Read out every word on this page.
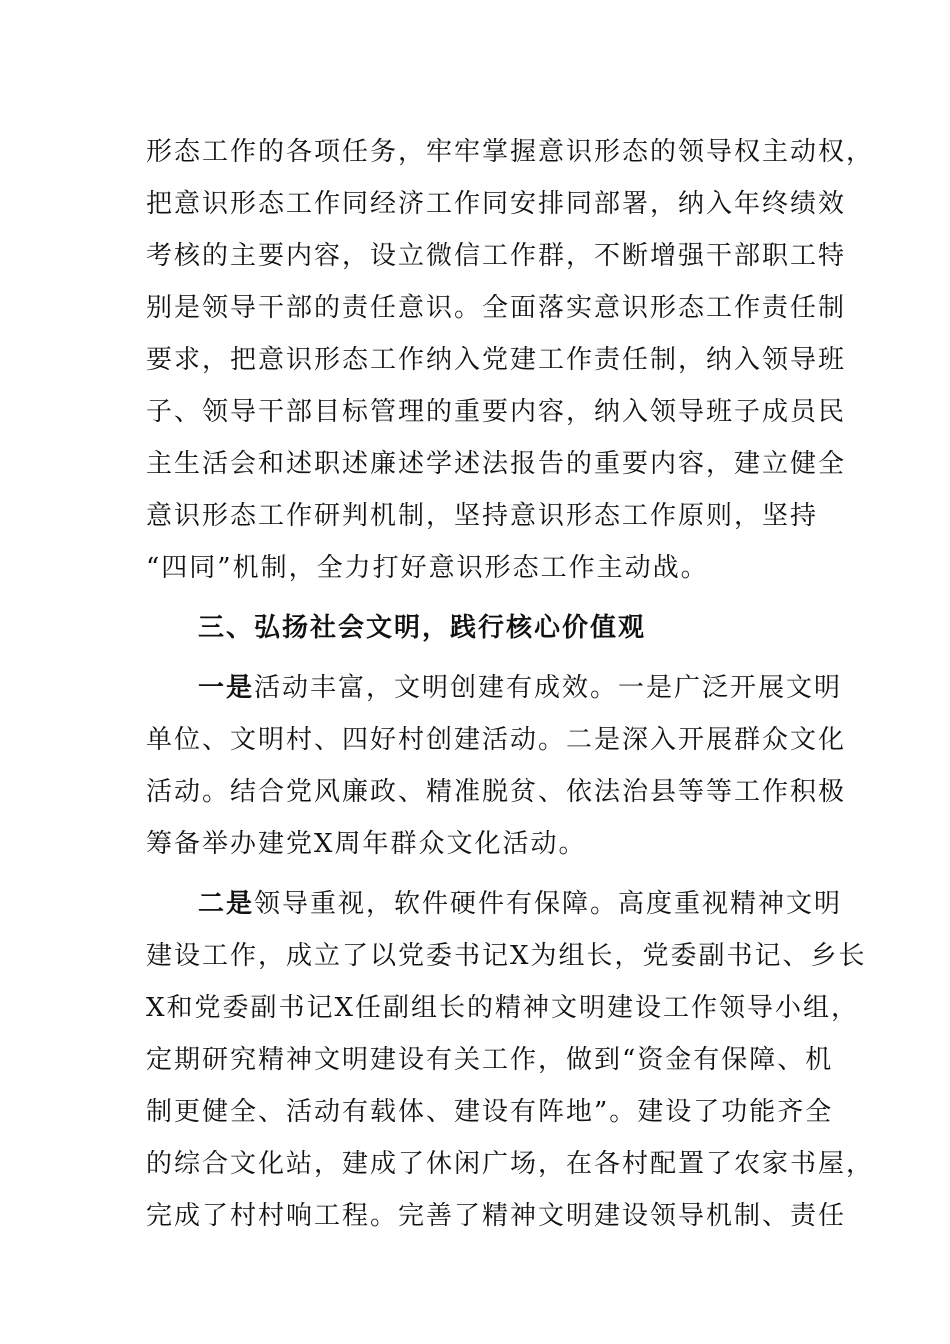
形态工作的各项任务，牢牢掌握意识形态的领导权主动权，
把意识形态工作同经济工作同安排同部署，纳入年终绩效
考核的主要内容，设立微信工作群，不断增强干部职工特
别是领导干部的责任意识。全面落实意识形态工作责任制
要求，把意识形态工作纳入党建工作责任制，纳入领导班
子、领导干部目标管理的重要内容，纳入领导班子成员民
主生活会和述职述廉述学述法报告的重要内容，建立健全
意识形态工作研判机制，坚持意识形态工作原则，坚持
“四同”机制，全力打好意识形态工作主动战。
三、弘扬社会文明，践行核心价值观
一是活动丰富，文明创建有成效。一是广泛开展文明
单位、文明村、四好村创建活动。二是深入开展群众文化
活动。结合党风廉政、精准脱贫、依法治县等等工作积极
筹备举办建党X周年群众文化活动。
二是领导重视，软件硬件有保障。高度重视精神文明
建设工作，成立了以党委书记X为组长，党委副书记、乡长
X和党委副书记X任副组长的精神文明建设工作领导小组，
定期研究精神文明建设有关工作，做到“资金有保障、机
制更健全、活动有载体、建设有阵地”。建设了功能齐全
的综合文化站，建成了休闲广场，在各村配置了农家书屋，
完成了村村响工程。完善了精神文明建设领导机制、责任
